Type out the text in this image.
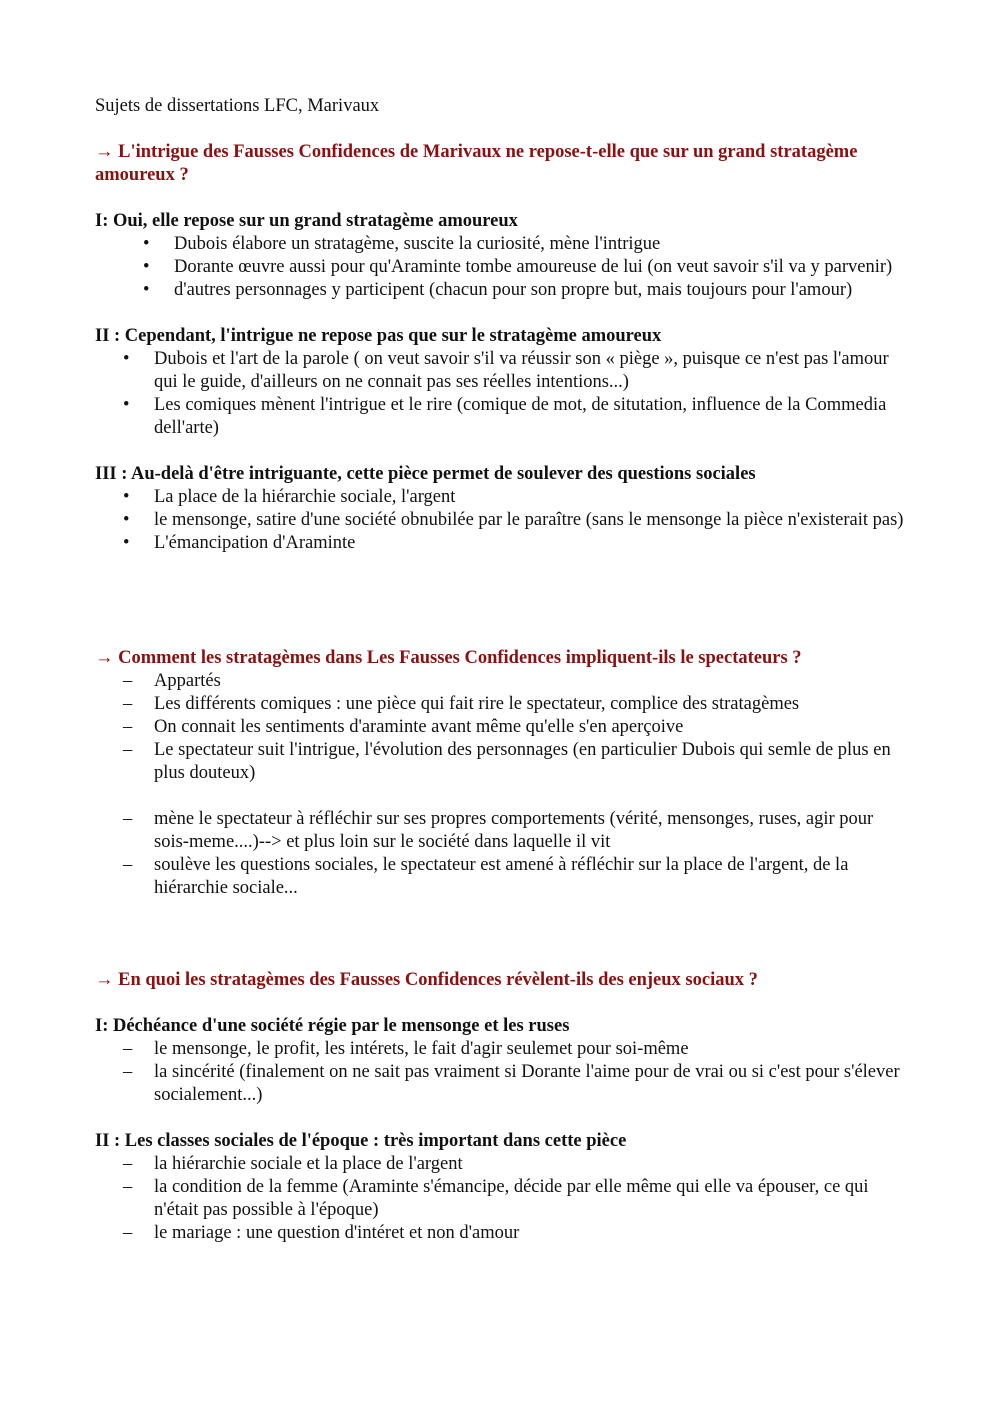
Sujets de dissertations LFC, Marivaux

→ L'intrigue des Fausses Confidences de Marivaux ne repose-t-elle que sur un grand stratagème amoureux ?

I: Oui, elle repose sur un grand stratagème amoureux

•	Dubois élabore un stratagème, suscite la curiosité, mène l'intrigue
•	Dorante œuvre aussi pour qu'Araminte tombe amoureuse de lui (on veut savoir s'il va y parvenir)
•	d'autres personnages y participent (chacun pour son propre but, mais toujours pour l'amour)

II : Cependant, l'intrigue ne repose pas que sur le stratagème amoureux

•	Dubois et l'art de la parole ( on veut savoir s'il va réussir son « piège », puisque ce n'est pas l'amour qui le guide, d'ailleurs on ne connait pas ses réelles intentions...)
•	Les comiques mènent l'intrigue et le rire (comique de mot, de situtation, influence de la Commedia dell'arte)

III : Au-delà d'être intriguante, cette pièce permet de soulever des questions sociales

•	La place de la hiérarchie sociale, l'argent
•	le mensonge, satire d'une société obnubilée par le paraître (sans le mensonge la pièce n'existerait pas)
•	L'émancipation d'Araminte

→ Comment les stratagèmes dans Les Fausses Confidences impliquent-ils le spectateurs ?

–	Appartés
–	Les différents comiques : une pièce qui fait rire le spectateur, complice des stratagèmes
–	On connait les sentiments d'araminte avant même qu'elle s'en aperçoive
–	Le spectateur suit l'intrigue, l'évolution des personnages (en particulier Dubois qui semle de plus en plus douteux)
–	mène le spectateur à réfléchir sur ses propres comportements (vérité, mensonges, ruses, agir pour sois-meme....)--> et plus loin sur le société dans laquelle il vit
–	soulève les questions sociales, le spectateur est amené à réfléchir sur la place de l'argent, de la hiérarchie sociale...

→ En quoi les stratagèmes des Fausses Confidences révèlent-ils des enjeux sociaux ?

I: Déchéance d'une société régie par le mensonge et les ruses

–	le mensonge, le profit, les intérets, le fait d'agir seulemet pour soi-même
–	la sincérité (finalement on ne sait pas vraiment si Dorante l'aime pour de vrai ou si c'est pour s'élever socialement...)

II : Les classes sociales de l'époque : très important dans cette pièce

–	la hiérarchie sociale et la place de l'argent
–	la condition de la femme (Araminte s'émancipe, décide par elle même qui elle va épouser, ce qui n'était pas possible à l'époque)
–	le mariage : une question d'intéret et non d'amour
